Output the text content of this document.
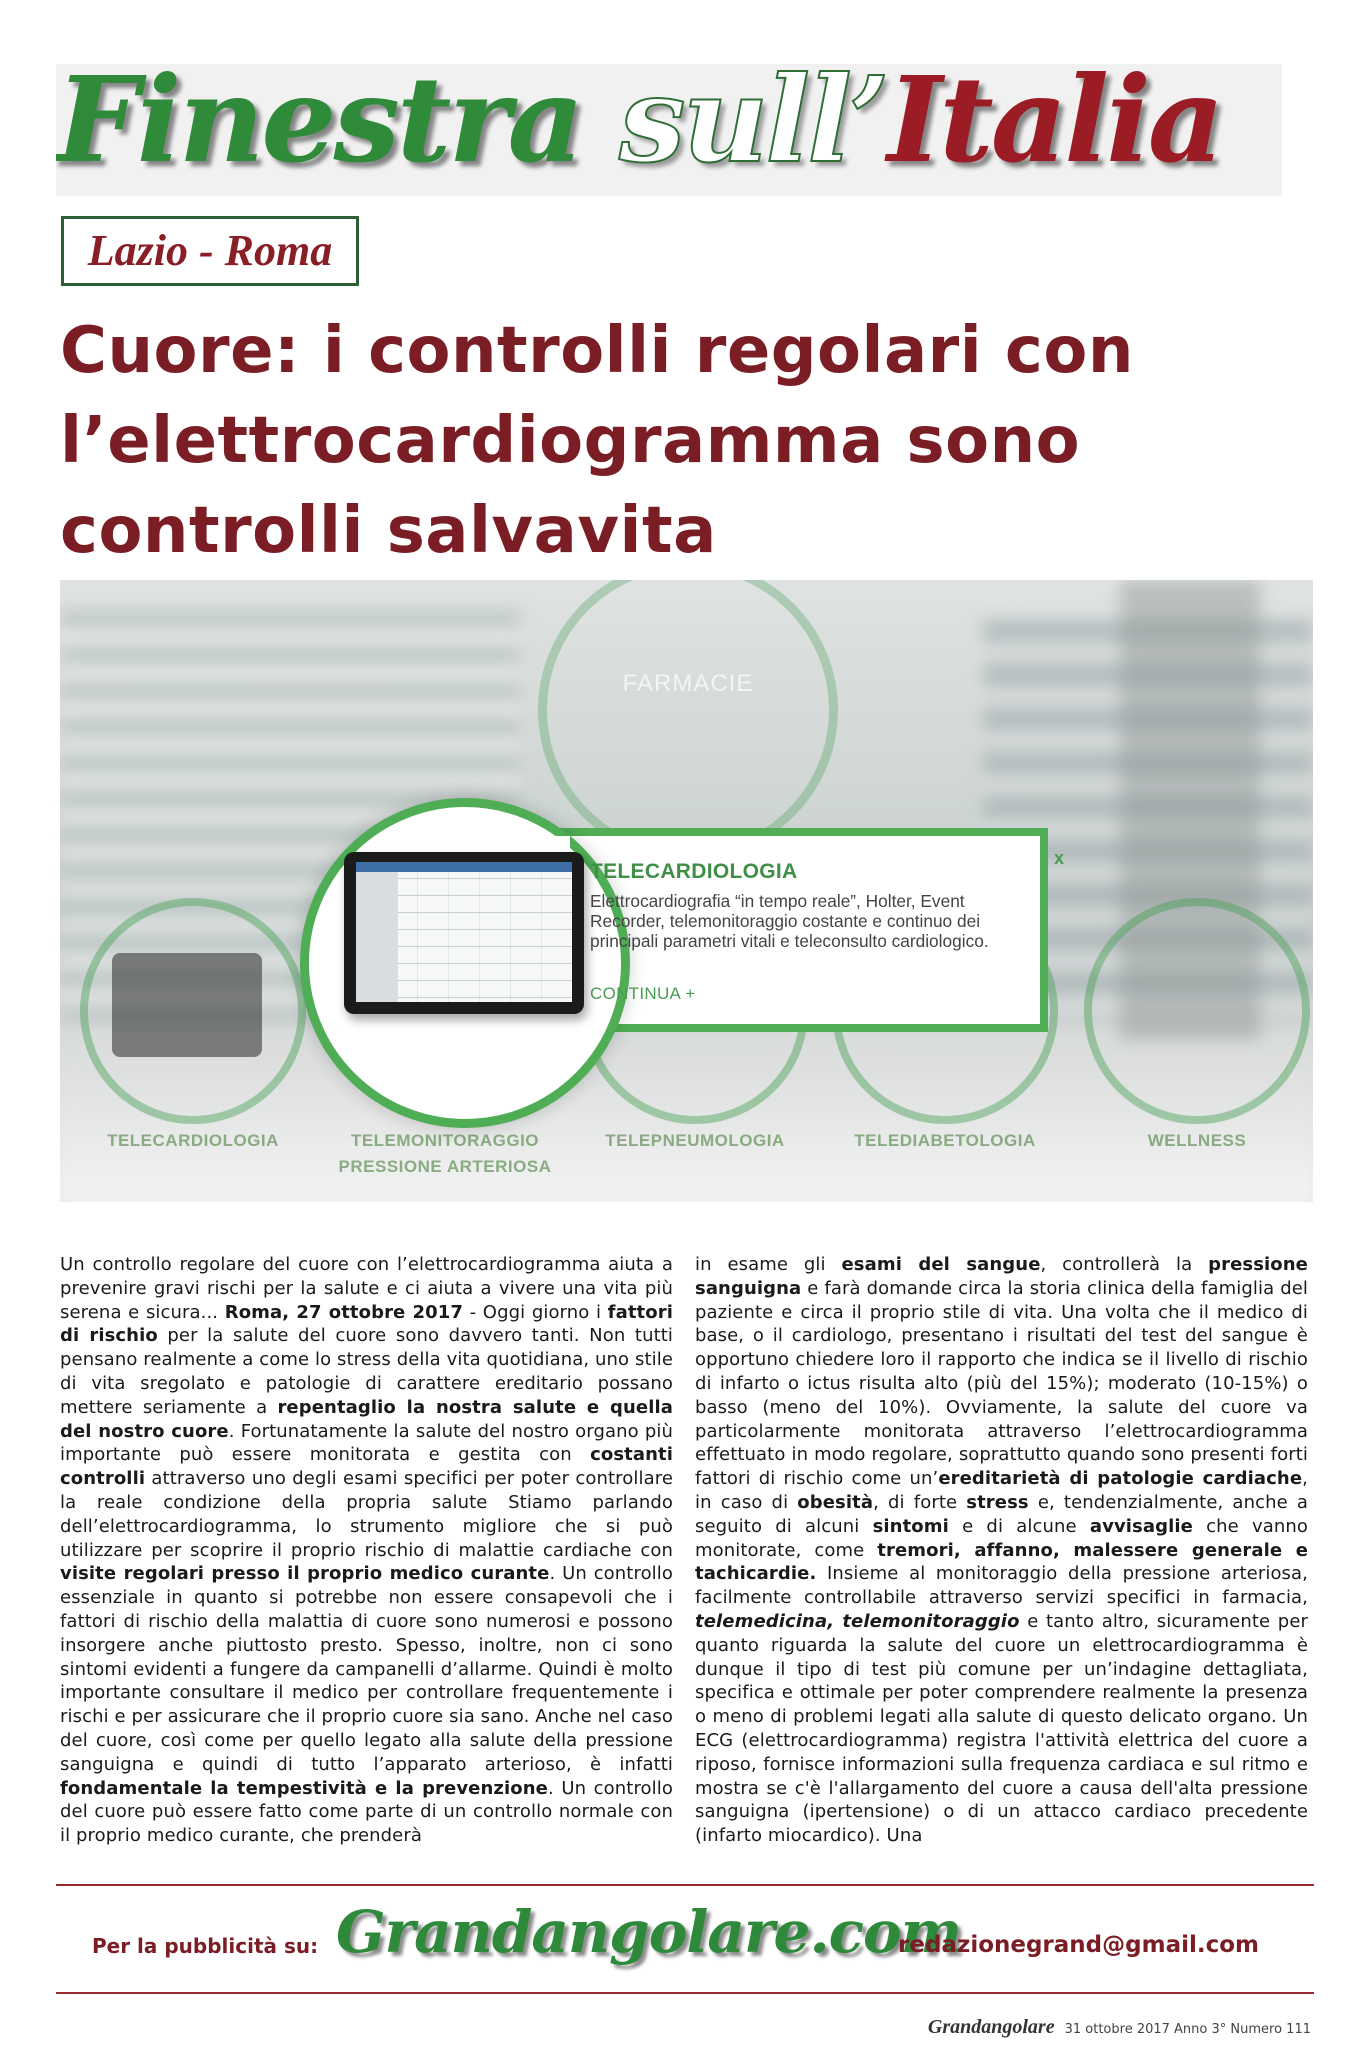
Finestra sull’Italia
Lazio - Roma
Cuore: i controlli regolari con
l’elettrocardiogramma sono
controlli salvavita
FARMACIE
TELECARDIOLOGIA	TELEMONITORAGGIO
PRESSIONE ARTERIOSA
TELEPNEUMOLOGIA	TELEDIABETOLOGIA	WELLNESS
TELECARDIOLOGIA
x
Elettrocardiografia “in tempo reale”, Holter, Event Recorder, telemonitoraggio costante e continuo dei principali parametri vitali e teleconsulto cardiologico.
CONTINUA +
Un controllo regolare del cuore con l’elettrocardiogramma aiuta a prevenire gravi rischi per la salute e ci aiuta a vivere una vita più serena e sicura... Roma, 27 ottobre 2017 - Oggi giorno i fattori di rischio per la salute del cuore sono davvero tanti. Non tutti pensano realmente a come lo stress della vita quotidiana, uno stile di vita sregolato e patologie di carattere ereditario possano mettere seriamente a repentaglio la nostra salute e quella del nostro cuore. Fortunatamente la salute del nostro organo più importante può essere monitorata e gestita con costanti controlli attraverso uno degli esami specifici per poter controllare la reale condizione della propria salute Stiamo parlando dell’elettrocardiogramma, lo strumento migliore che si può utilizzare per scoprire il proprio rischio di malattie cardiache con visite regolari presso il proprio medico curante. Un controllo essenziale in quanto si potrebbe non essere consapevoli che i fattori di rischio della malattia di cuore sono numerosi e possono insorgere anche piuttosto presto. Spesso, inoltre, non ci sono sintomi evidenti a fungere da campanelli d’allarme. Quindi è molto importante consultare il medico per controllare frequentemente i rischi e per assicurare che il proprio cuore sia sano. Anche nel caso del cuore, così come per quello legato alla salute della pressione sanguigna e quindi di tutto l’apparato arterioso, è infatti fondamentale la tempestività e la prevenzione. Un controllo del cuore può essere fatto come parte di un controllo normale con il proprio medico curante, che prenderà
in esame gli esami del sangue, controllerà la pressione sanguigna e farà domande circa la storia clinica della famiglia del paziente e circa il proprio stile di vita. Una volta che il medico di base, o il cardiologo, presentano i risultati del test del sangue è opportuno chiedere loro il rapporto che indica se il livello di rischio di infarto o ictus risulta alto (più del 15%); moderato (10-15%) o basso (meno del 10%). Ovviamente, la salute del cuore va particolarmente monitorata attraverso l’elettrocardiogramma effettuato in modo regolare, soprattutto quando sono presenti forti fattori di rischio come un’ereditarietà di patologie cardiache, in caso di obesità, di forte stress e, tendenzialmente, anche a seguito di alcuni sintomi e di alcune avvisaglie che vanno monitorate, come tremori, affanno, malessere generale e tachicardie. Insieme al monitoraggio della pressione arteriosa, facilmente controllabile attraverso servizi specifici in farmacia, telemedicina, telemonitoraggio e tanto altro, sicuramente per quanto riguarda la salute del cuore un elettrocardiogramma è dunque il tipo di test più comune per un’indagine dettagliata, specifica e ottimale per poter comprendere realmente la presenza o meno di problemi legati alla salute di questo delicato organo. Un ECG (elettrocardiogramma) registra l'attività elettrica del cuore a riposo, fornisce informazioni sulla frequenza cardiaca e sul ritmo e mostra se c'è l'allargamento del cuore a causa dell'alta pressione sanguigna (ipertensione) o di un attacco cardiaco precedente (infarto miocardico). Una
Per la pubblicità su: Grandangolare.com
redazionegrand@gmail.com
Grandangolare 31 ottobre 2017 Anno 3° Numero 111
